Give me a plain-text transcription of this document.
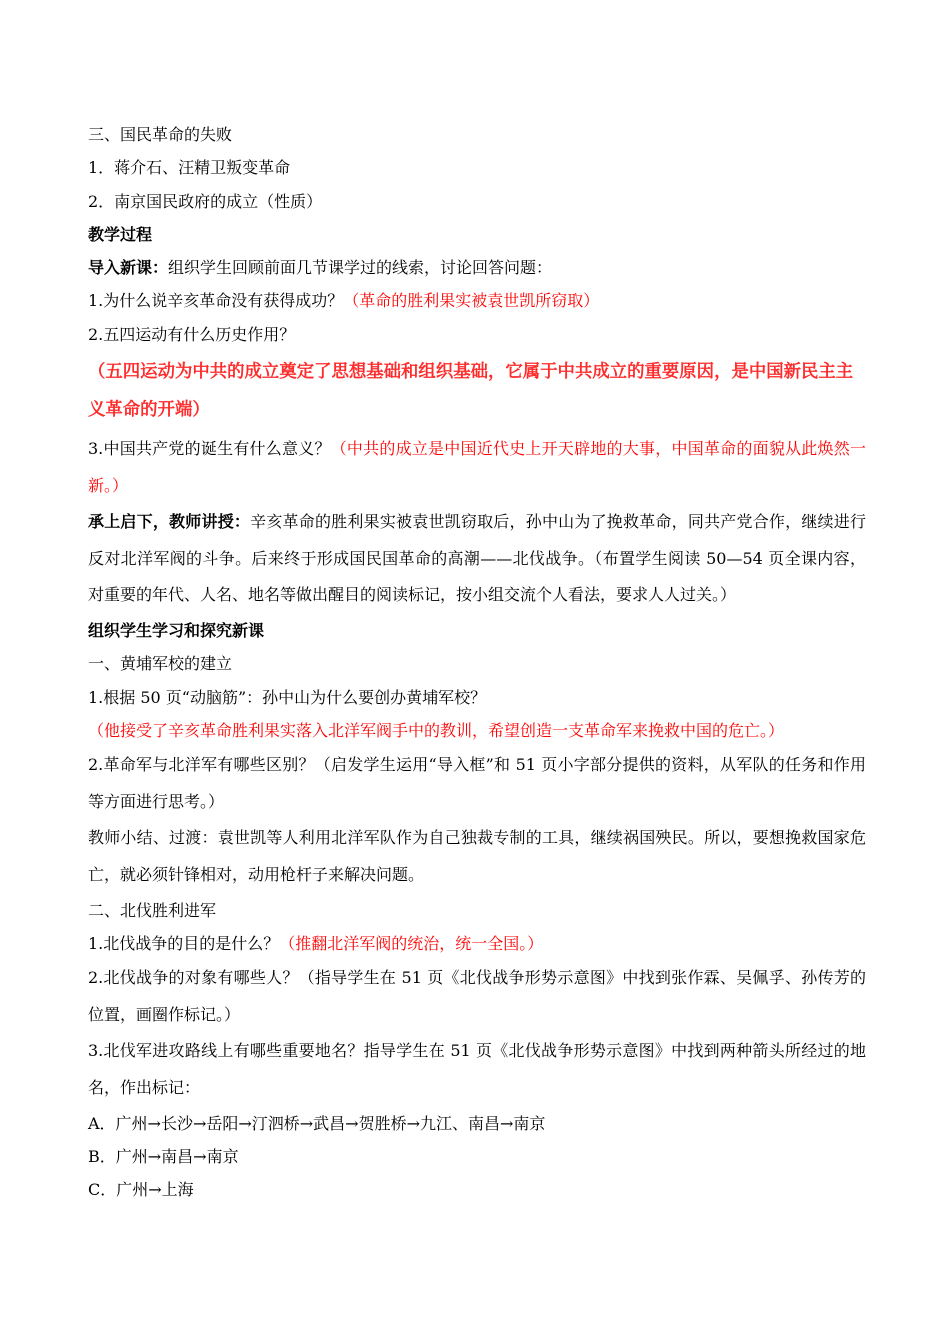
三、国民革命的失败
1．蒋介石、汪精卫叛变革命
2．南京国民政府的成立（性质）
教学过程
导入新课：组织学生回顾前面几节课学过的线索，讨论回答问题：
1.为什么说辛亥革命没有获得成功？（革命的胜利果实被袁世凯所窃取）
2.五四运动有什么历史作用？
（五四运动为中共的成立奠定了思想基础和组织基础，它属于中共成立的重要原因，是中国新民主主义革命的开端）
3.中国共产党的诞生有什么意义？（中共的成立是中国近代史上开天辟地的大事，中国革命的面貌从此焕然一新。）
承上启下，教师讲授：辛亥革命的胜利果实被袁世凯窃取后，孙中山为了挽救革命，同共产党合作，继续进行反对北洋军阀的斗争。后来终于形成国民国革命的高潮——北伐战争。（布置学生阅读 50—54 页全课内容，对重要的年代、人名、地名等做出醒目的阅读标记，按小组交流个人看法，要求人人过关。）
组织学生学习和探究新课
一、黄埔军校的建立
1.根据 50 页“动脑筋”：孙中山为什么要创办黄埔军校？
（他接受了辛亥革命胜利果实落入北洋军阀手中的教训，希望创造一支革命军来挽救中国的危亡。）
2.革命军与北洋军有哪些区别？（启发学生运用“导入框”和 51 页小字部分提供的资料，从军队的任务和作用等方面进行思考。）
教师小结、过渡：袁世凯等人利用北洋军队作为自己独裁专制的工具，继续祸国殃民。所以，要想挽救国家危亡，就必须针锋相对，动用枪杆子来解决问题。
二、北伐胜利进军
1.北伐战争的目的是什么？（推翻北洋军阀的统治，统一全国。）
2.北伐战争的对象有哪些人？（指导学生在 51 页《北伐战争形势示意图》中找到张作霖、吴佩孚、孙传芳的位置，画圈作标记。）
3.北伐军进攻路线上有哪些重要地名？指导学生在 51 页《北伐战争形势示意图》中找到两种箭头所经过的地名，作出标记：
A．广州→长沙→岳阳→汀泗桥→武昌→贺胜桥→九江、南昌→南京
B．广州→南昌→南京
C．广州→上海
